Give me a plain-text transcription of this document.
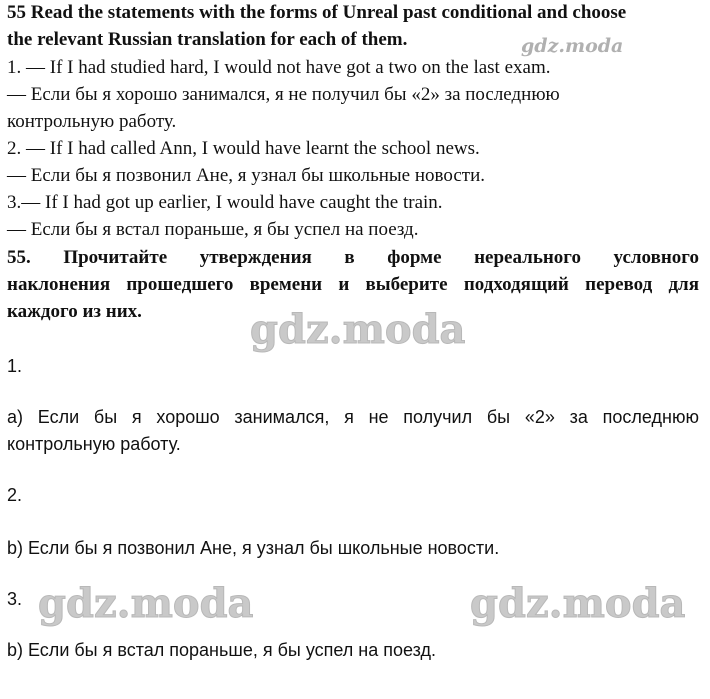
55 Read the statements with the forms of Unreal past conditional and choose
the relevant Russian translation for each of them.	gdz.moda
1. — If I had studied hard, I would not have got a two on the last exam.
— Если бы я хорошо занимался, я не получил бы «2» за последнюю
контрольную работу.
2. — If I had called Ann, I would have learnt the school news.
— Если бы я позвонил Ане, я узнал бы школьные новости.
3.— If I had got up earlier, I would have caught the train.
— Если бы я встал пораньше, я бы успел на поезд.
55. Прочитайте утверждения в форме нереального условного
наклонения прошедшего времени и выберите подходящий перевод для
каждого из них.	gdz.moda
1.
a) Если бы я хорошо занимался, я не получил бы «2» за последнюю
контрольную работу.
2.
b) Если бы я позвонил Ане, я узнал бы школьные новости.
3. gdz.moda	gdz.moda
b) Если бы я встал пораньше, я бы успел на поезд.
